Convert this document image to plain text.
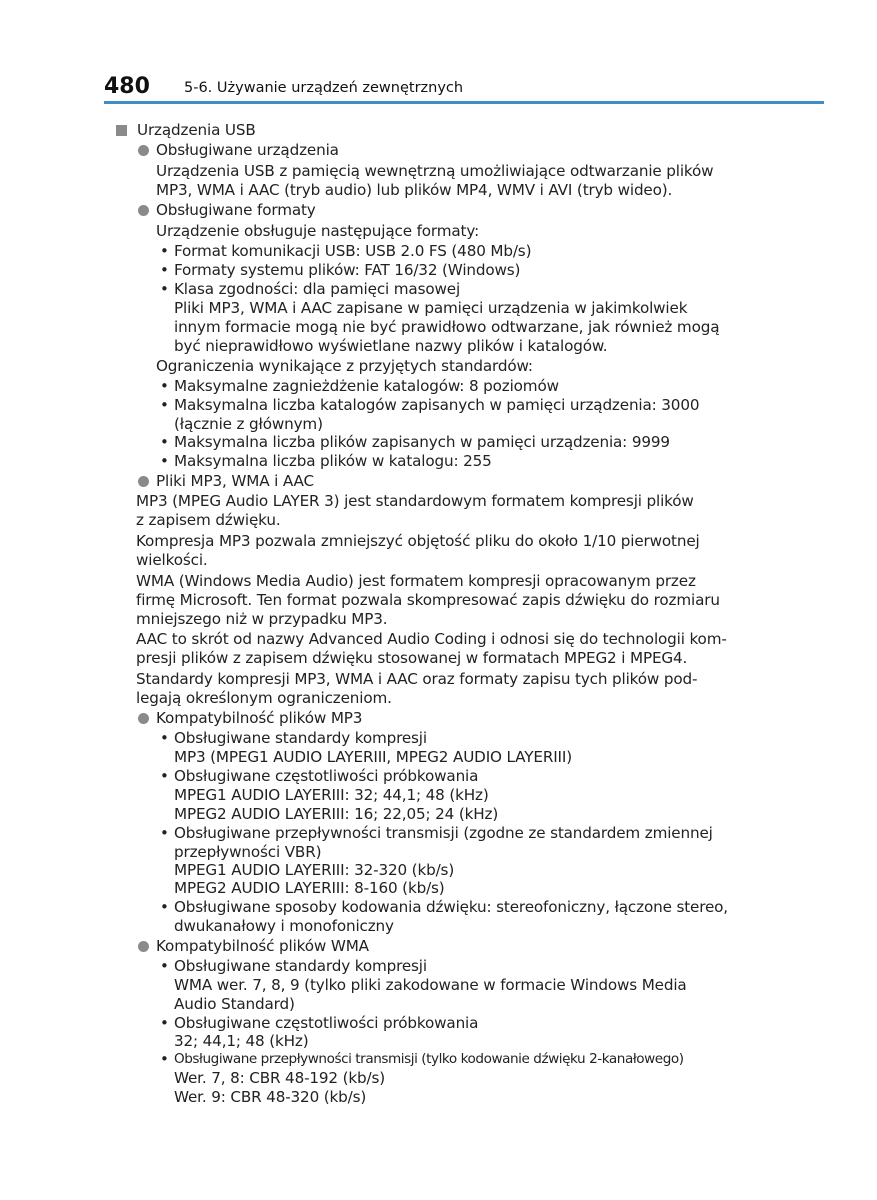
480 5-6. Używanie urządzeń zewnętrznych
Urządzenia USB
Obsługiwane urządzenia
Urządzenia USB z pamięcią wewnętrzną umożliwiające odtwarzanie plików
MP3, WMA i AAC (tryb audio) lub plików MP4, WMV i AVI (tryb wideo).
Obsługiwane formaty
Urządzenie obsługuje następujące formaty:
• Format komunikacji USB: USB 2.0 FS (480 Mb/s)
• Formaty systemu plików: FAT 16/32 (Windows)
• Klasa zgodności: dla pamięci masowej
Pliki MP3, WMA i AAC zapisane w pamięci urządzenia w jakimkolwiek
innym formacie mogą nie być prawidłowo odtwarzane, jak również mogą
być nieprawidłowo wyświetlane nazwy plików i katalogów.
Ograniczenia wynikające z przyjętych standardów:
• Maksymalne zagnieżdżenie katalogów: 8 poziomów
• Maksymalna liczba katalogów zapisanych w pamięci urządzenia: 3000
(łącznie z głównym)
• Maksymalna liczba plików zapisanych w pamięci urządzenia: 9999
• Maksymalna liczba plików w katalogu: 255
Pliki MP3, WMA i AAC
MP3 (MPEG Audio LAYER 3) jest standardowym formatem kompresji plików
z zapisem dźwięku.
Kompresja MP3 pozwala zmniejszyć objętość pliku do około 1/10 pierwotnej
wielkości.
WMA (Windows Media Audio) jest formatem kompresji opracowanym przez
firmę Microsoft. Ten format pozwala skompresować zapis dźwięku do rozmiaru
mniejszego niż w przypadku MP3.
AAC to skrót od nazwy Advanced Audio Coding i odnosi się do technologii kom-
presji plików z zapisem dźwięku stosowanej w formatach MPEG2 i MPEG4.
Standardy kompresji MP3, WMA i AAC oraz formaty zapisu tych plików pod-
legają określonym ograniczeniom.
Kompatybilność plików MP3
• Obsługiwane standardy kompresji
MP3 (MPEG1 AUDIO LAYERIII, MPEG2 AUDIO LAYERIII)
• Obsługiwane częstotliwości próbkowania
MPEG1 AUDIO LAYERIII: 32; 44,1; 48 (kHz)
MPEG2 AUDIO LAYERIII: 16; 22,05; 24 (kHz)
• Obsługiwane przepływności transmisji (zgodne ze standardem zmiennej
przepływności VBR)
MPEG1 AUDIO LAYERIII: 32-320 (kb/s)
MPEG2 AUDIO LAYERIII: 8-160 (kb/s)
• Obsługiwane sposoby kodowania dźwięku: stereofoniczny, łączone stereo,
dwukanałowy i monofoniczny
Kompatybilność plików WMA
• Obsługiwane standardy kompresji
WMA wer. 7, 8, 9 (tylko pliki zakodowane w formacie Windows Media
Audio Standard)
• Obsługiwane częstotliwości próbkowania
32; 44,1; 48 (kHz)
• Obsługiwane przepływności transmisji (tylko kodowanie dźwięku 2-kanałowego)
Wer. 7, 8: CBR 48-192 (kb/s)
Wer. 9: CBR 48-320 (kb/s)
